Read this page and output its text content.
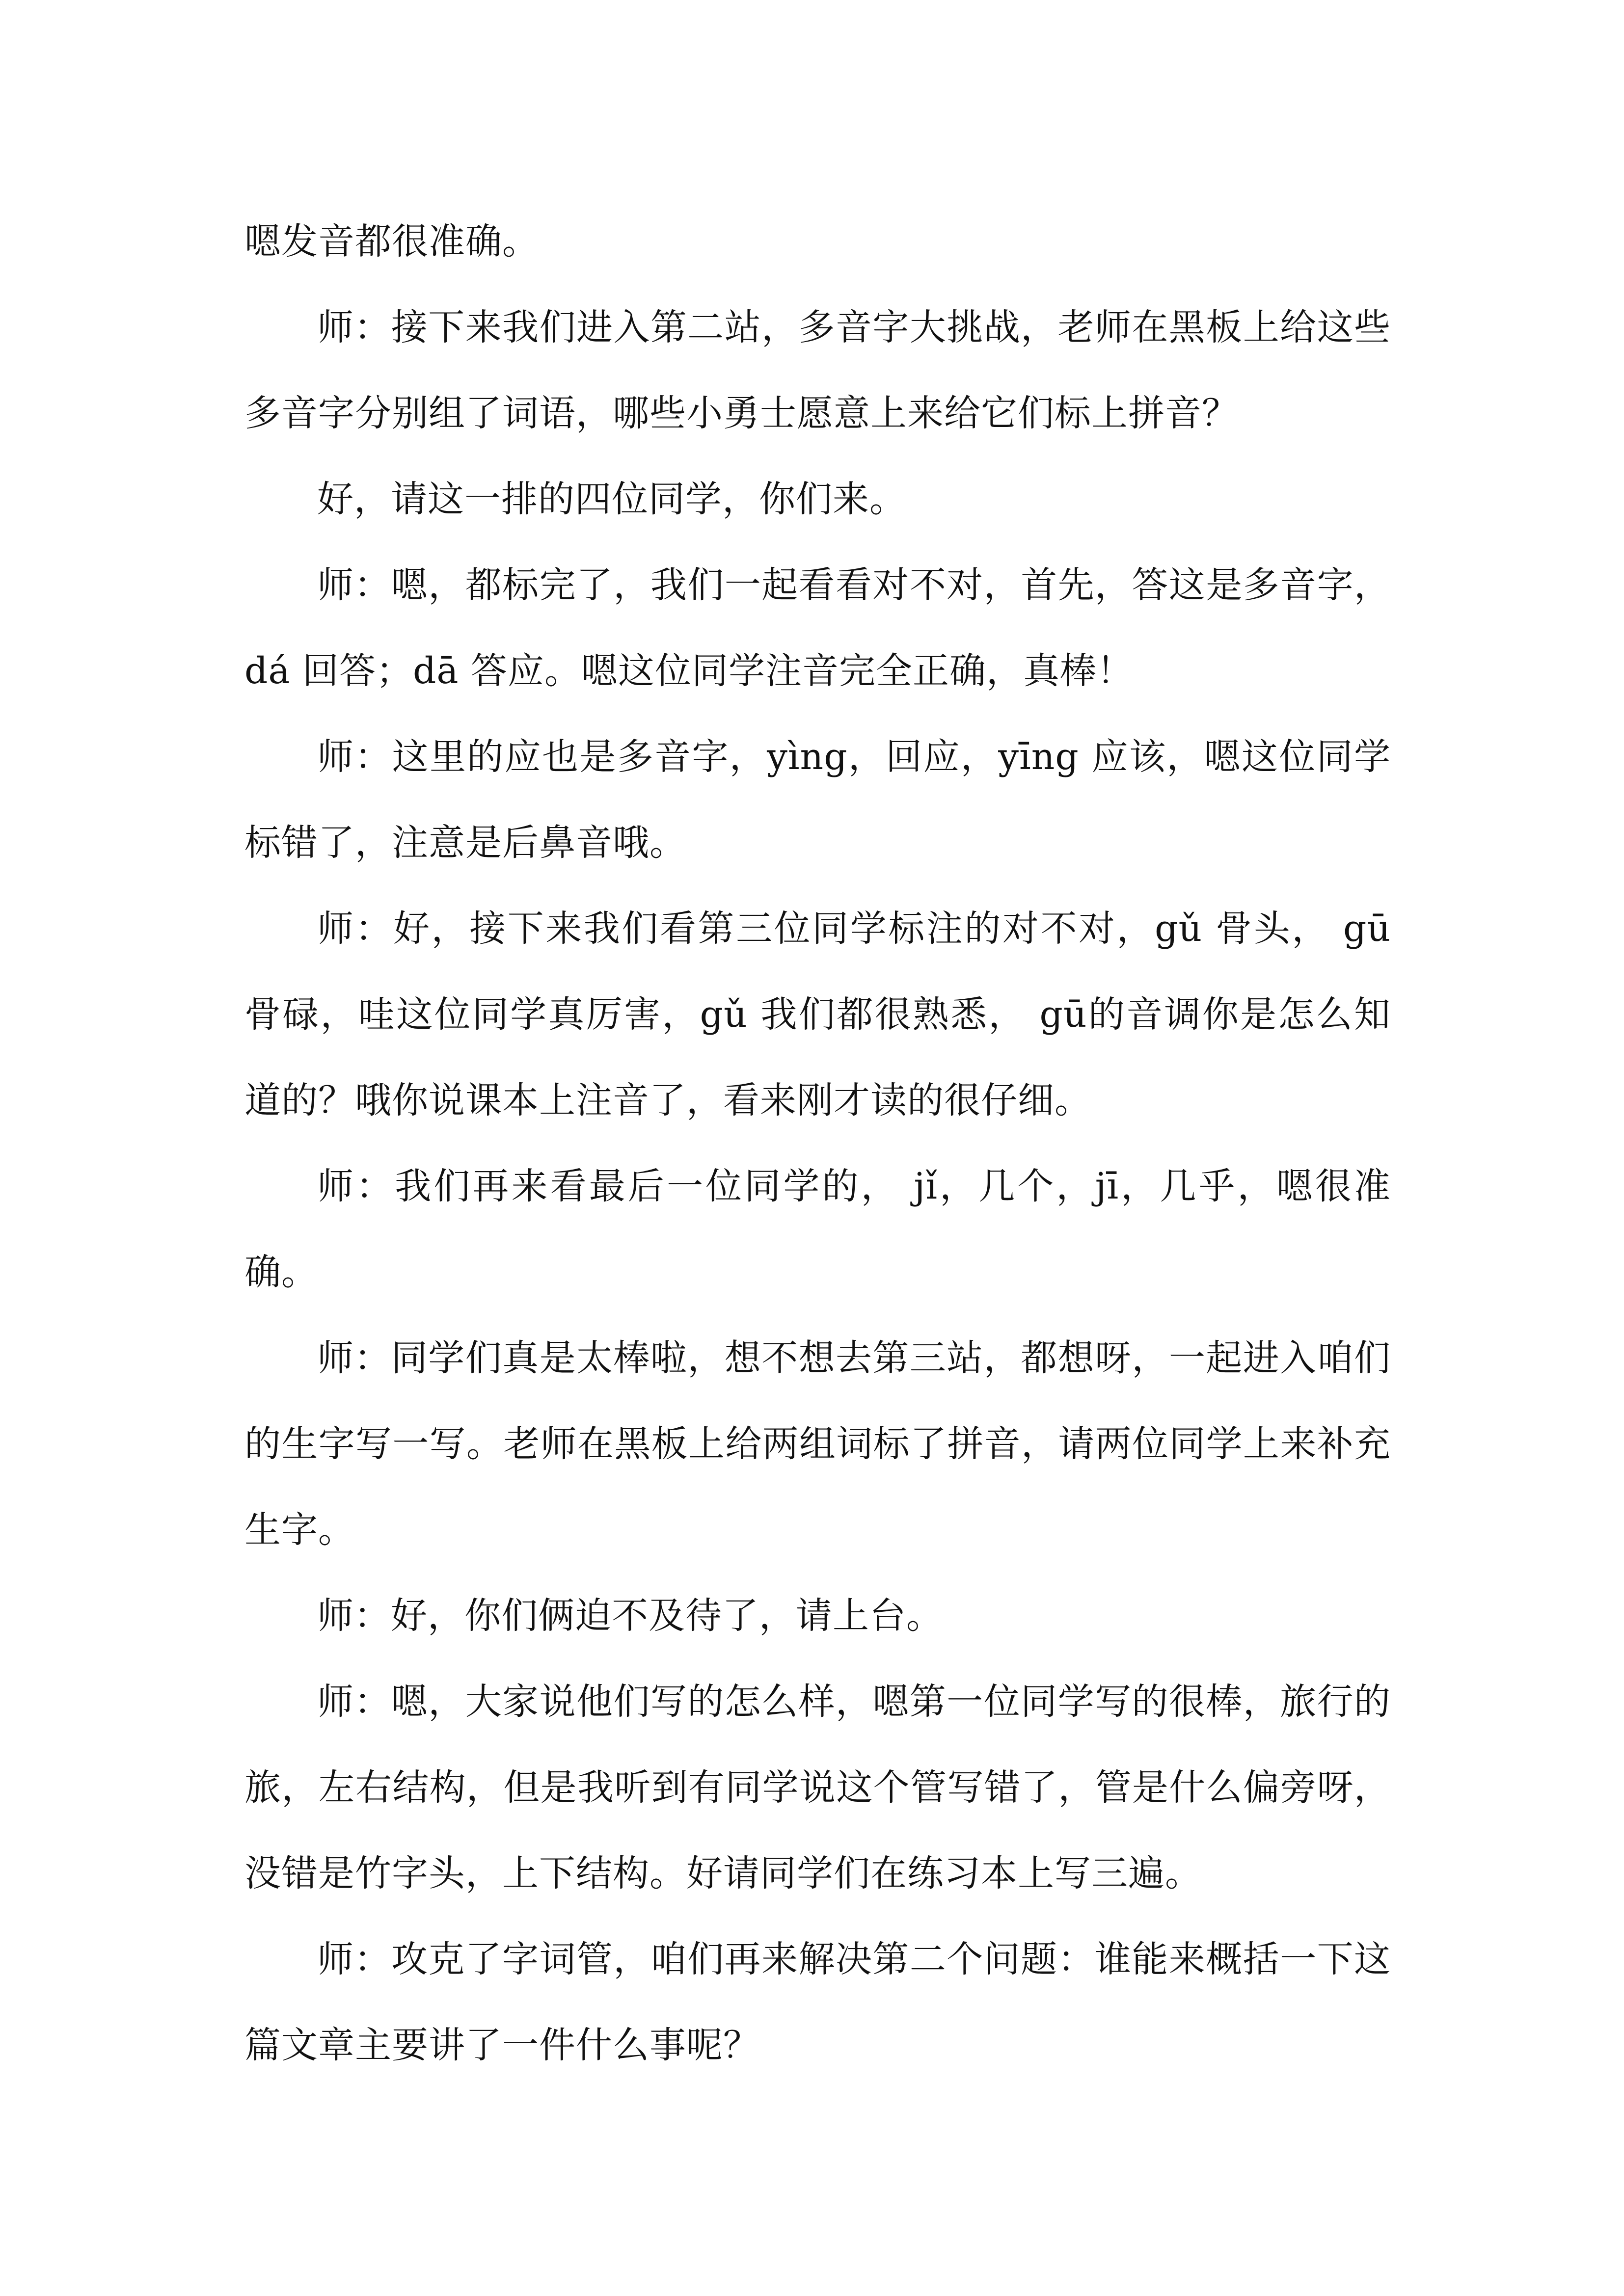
嗯发音都很准确。

师：接下来我们进入第二站，多音字大挑战，老师在黑板上给这些多音字分别组了词语，哪些小勇士愿意上来给它们标上拼音？

好，请这一排的四位同学，你们来。

师：嗯，都标完了，我们一起看看对不对，首先，答这是多音字，dá 回答；dā 答应。嗯这位同学注音完全正确，真棒！

师：这里的应也是多音字，yìng，回应，yīng 应该，嗯这位同学标错了，注意是后鼻音哦。

师：好，接下来我们看第三位同学标注的对不对，gǔ 骨头， gū 骨碌，哇这位同学真厉害，gǔ 我们都很熟悉， gū的音调你是怎么知道的？哦你说课本上注音了，看来刚才读的很仔细。

师：我们再来看最后一位同学的， jǐ，几个，jī，几乎，嗯很准确。

师：同学们真是太棒啦，想不想去第三站，都想呀，一起进入咱们的生字写一写。老师在黑板上给两组词标了拼音，请两位同学上来补充生字。

师：好，你们俩迫不及待了，请上台。

师：嗯，大家说他们写的怎么样，嗯第一位同学写的很棒，旅行的旅，左右结构，但是我听到有同学说这个管写错了，管是什么偏旁呀，没错是竹字头，上下结构。好请同学们在练习本上写三遍。

师：攻克了字词管，咱们再来解决第二个问题：谁能来概括一下这篇文章主要讲了一件什么事呢？
